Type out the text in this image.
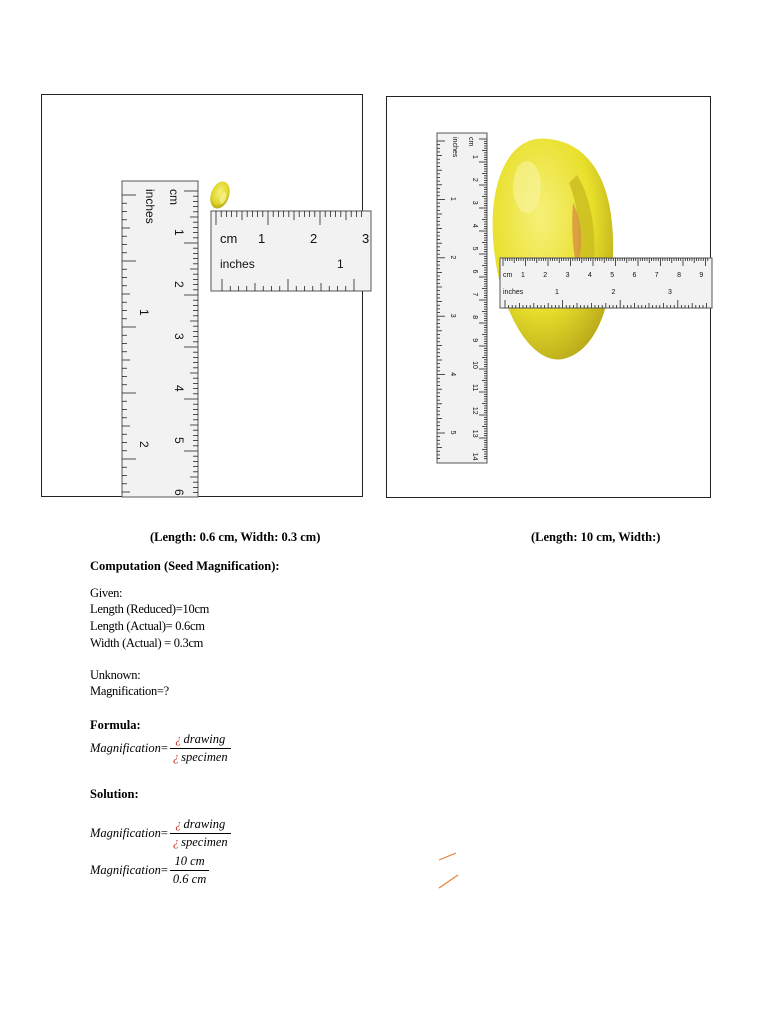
cm
inches
1
2
3
4
5
6
1
2
cm
inches
1	2	3
1
cm
inches 1
2
3
4
5
6
7
8
9
10
11
12
13
14
1
2
3
4
5
cm
inches
1	2	3	4	5	6	7	8	9
1	2	3
(Length: 0.6 cm, Width: 0.3 cm)	(Length: 10 cm, Width:)
Computation (Seed Magnification):
Given:
Length (Reduced)=10cm
Length (Actual)= 0.6cm
Width (Actual) = 0.3cm
Unknown:
Magnification=?
Formula:
Magnification = $\frac{\text{¿ drawing}}{\text{¿ specimen}}$
Solution:
Magnification = $\frac{\text{¿ drawing}}{\text{¿ specimen}}$
Magnification = $\frac{10 cm}{0.6 cm}$
